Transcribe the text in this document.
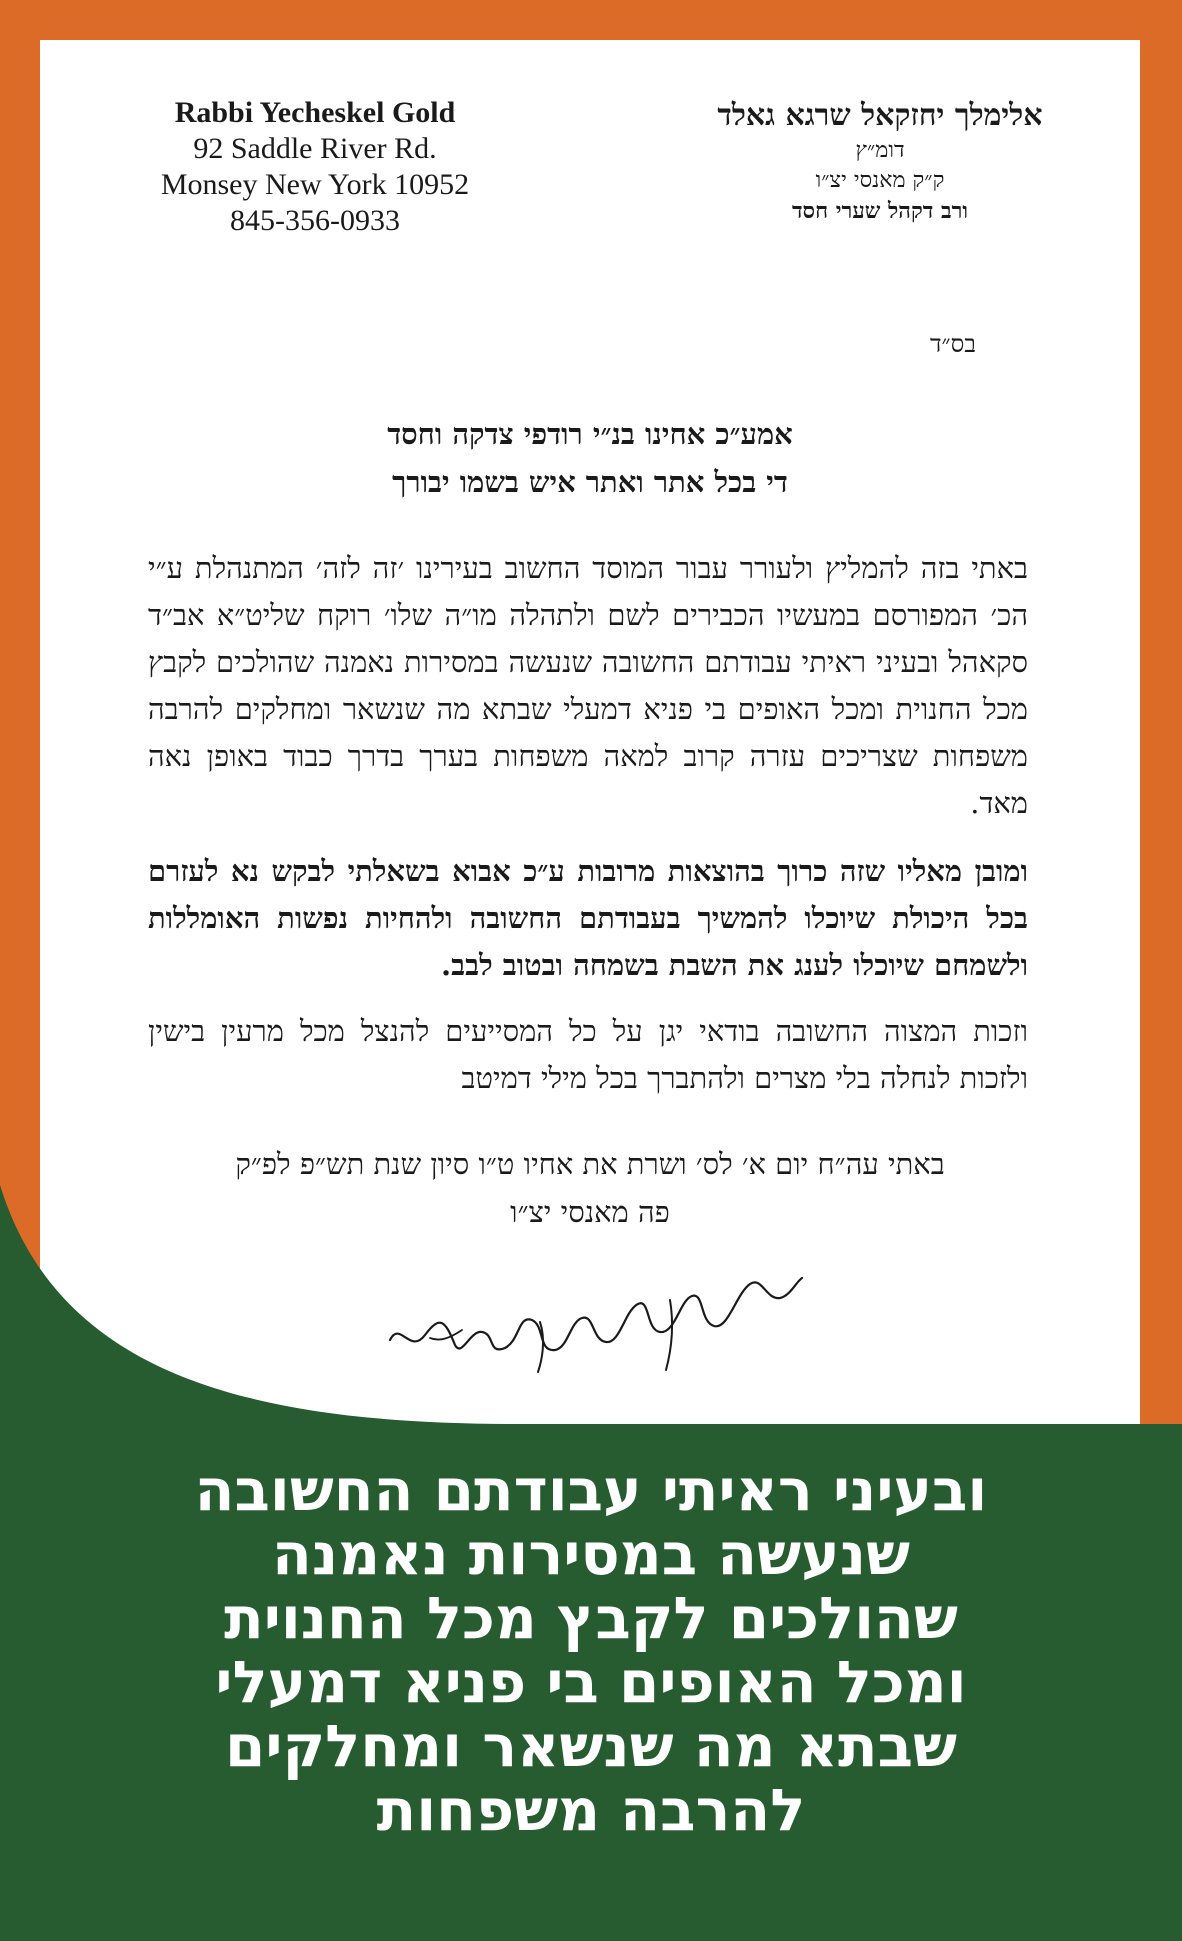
Rabbi Yecheskel Gold
92 Saddle River Rd.
Monsey New York 10952
845-356-0933
אלימלך יחזקאל שרגא גאלד
דומ״ץ
ק״ק מאנסי יצ״ו
ורב דקהל שערי חסד
בס״ד
אמע״כ אחינו בנ״י רודפי צדקה וחסד
די בכל אתר ואתר איש בשמו יבורך
באתי בזה להמליץ ולעורר עבור המוסד החשוב בעירינו ׳זה לזה׳ המתנהלת ע״י הכ׳ המפורסם במעשיו הכבירים לשם ולתהלה מו״ה שלו׳ רוקח שליט״א אב״ד סקאהל ובעיני ראיתי עבודתם החשובה שנעשה במסירות נאמנה שהולכים לקבץ מכל החנוית ומכל האופים בי פניא דמעלי שבתא מה שנשאר ומחלקים להרבה משפחות שצריכים עזרה קרוב למאה משפחות בערך בדרך כבוד באופן נאה מאד.
ומובן מאליו שזה כרוך בהוצאות מרובות ע״כ אבוא בשאלתי לבקש נא לעזרם בכל היכולת שיוכלו להמשיך בעבודתם החשובה ולהחיות נפשות האומללות ולשמחם שיוכלו לענג את השבת בשמחה ובטוב לבב.
וזכות המצוה החשובה בודאי יגן על כל המסייעים להנצל מכל מרעין בישין ולזכות לנחלה בלי מצרים ולהתברך בכל מילי דמיטב
באתי עה״ח יום א׳ לס׳ ושרת את אחיו ט״ו סיון שנת תש״פ לפ״ק
פה מאנסי יצ״ו
ובעיני ראיתי עבודתם החשובה
שנעשה במסירות נאמנה
שהולכים לקבץ מכל החנוית
ומכל האופים בי פניא דמעלי
שבתא מה שנשאר ומחלקים
להרבה משפחות
